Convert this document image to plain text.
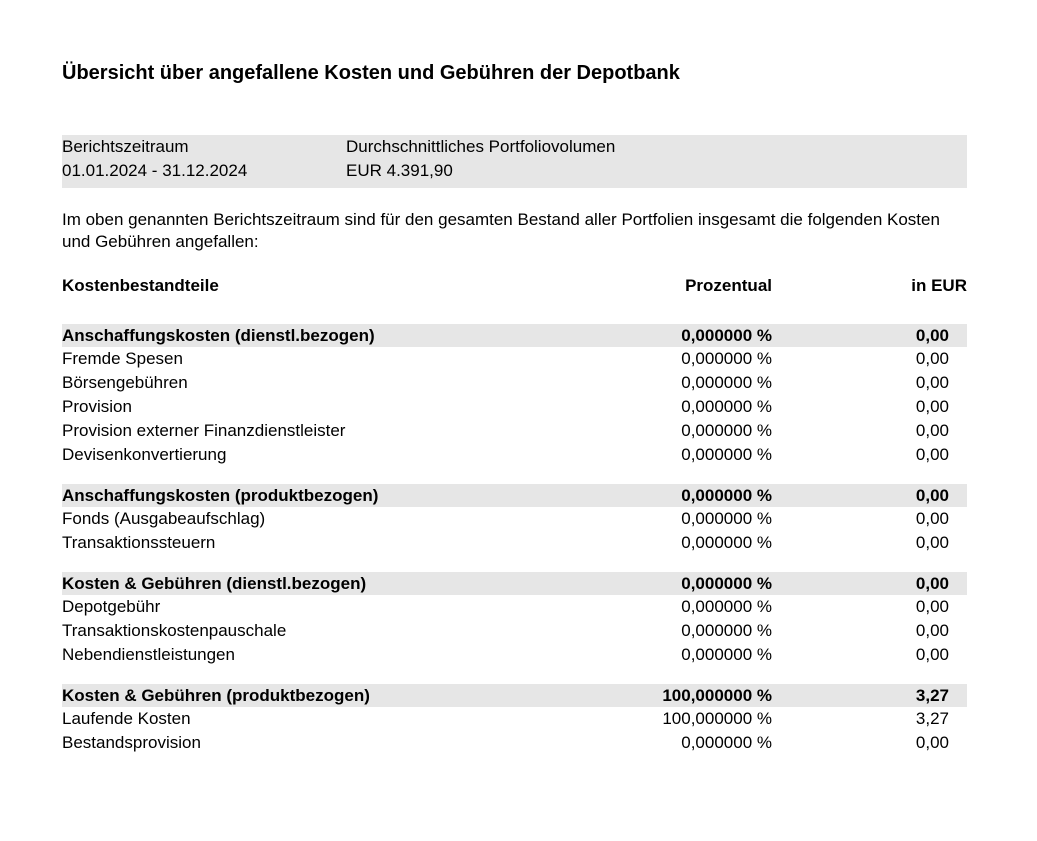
Übersicht über angefallene Kosten und Gebühren der Depotbank
Berichtszeitraum
01.01.2024 - 31.12.2024
Durchschnittliches Portfoliovolumen
EUR 4.391,90
Im oben genannten Berichtszeitraum sind für den gesamten Bestand aller Portfolien insgesamt die folgenden Kosten und Gebühren angefallen:
Kostenbestandteile	Prozentual	in EUR
Anschaffungskosten (dienstl.bezogen)	0,000000 %	0,00
Fremde Spesen	0,000000 %	0,00
Börsengebühren	0,000000 %	0,00
Provision	0,000000 %	0,00
Provision externer Finanzdienstleister	0,000000 %	0,00
Devisenkonvertierung	0,000000 %	0,00
Anschaffungskosten (produktbezogen)	0,000000 %	0,00
Fonds (Ausgabeaufschlag)	0,000000 %	0,00
Transaktionssteuern	0,000000 %	0,00
Kosten & Gebühren (dienstl.bezogen)	0,000000 %	0,00
Depotgebühr	0,000000 %	0,00
Transaktionskostenpauschale	0,000000 %	0,00
Nebendienstleistungen	0,000000 %	0,00
Kosten & Gebühren (produktbezogen)	100,000000 %	3,27
Laufende Kosten	100,000000 %	3,27
Bestandsprovision	0,000000 %	0,00
